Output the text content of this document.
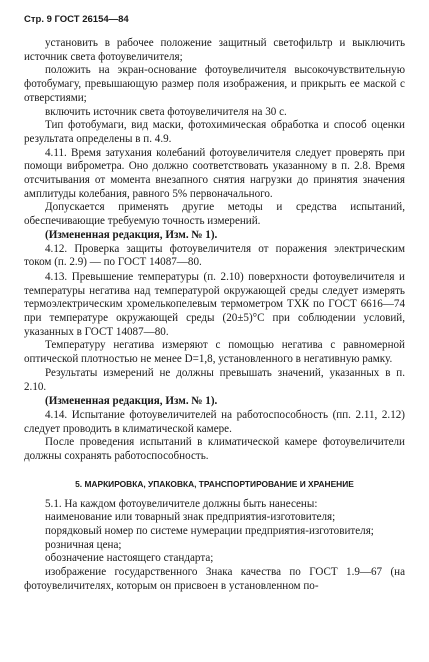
Стр. 9 ГОСТ 26154—84

установить в рабочее положение защитный светофильтр и выключить источник света фотоувеличителя;

положить на экран-основание фотоувеличителя высокочувствительную фотобумагу, превышающую размер поля изображения, и прикрыть ее маской с отверстиями;

включить источник света фотоувеличителя на 30 с.

Тип фотобумаги, вид маски, фотохимическая обработка и способ оценки результата определены в п. 4.9.

4.11. Время затухания колебаний фотоувеличителя следует проверять при помощи виброметра. Оно должно соответствовать указанному в п. 2.8. Время отсчитывания от момента внезапного снятия нагрузки до принятия значения амплитуды колебания, равного 5% первоначального.

Допускается применять другие методы и средства испытаний, обеспечивающие требуемую точность измерений.

(Измененная редакция, Изм. № 1).

4.12. Проверка защиты фотоувеличителя от поражения электрическим током (п. 2.9) — по ГОСТ 14087—80.

4.13. Превышение температуры (п. 2.10) поверхности фотоувеличителя и температуры негатива над температурой окружающей среды следует измерять термоэлектрическим хромелькопелевым термометром ТХК по ГОСТ 6616—74 при температуре окружающей среды (20±5)°С при соблюдении условий, указанных в ГОСТ 14087—80.

Температуру негатива измеряют с помощью негатива с равномерной оптической плотностью не менее D=1,8, установленного в негативную рамку.

Результаты измерений не должны превышать значений, указанных в п. 2.10.

(Измененная редакция, Изм. № 1).

4.14. Испытание фотоувеличителей на работоспособность (пп. 2.11, 2.12) следует проводить в климатической камере.

После проведения испытаний в климатической камере фотоувеличители должны сохранять работоспособность.

5. МАРКИРОВКА, УПАКОВКА, ТРАНСПОРТИРОВАНИЕ И ХРАНЕНИЕ

5.1. На каждом фотоувеличителе должны быть нанесены:

наименование или товарный знак предприятия-изготовителя;

порядковый номер по системе нумерации предприятия-изготовителя;

розничная цена;

обозначение настоящего стандарта;

изображение государственного Знака качества по ГОСТ 1.9—67 (на фотоувеличителях, которым он присвоен в установленном по-
